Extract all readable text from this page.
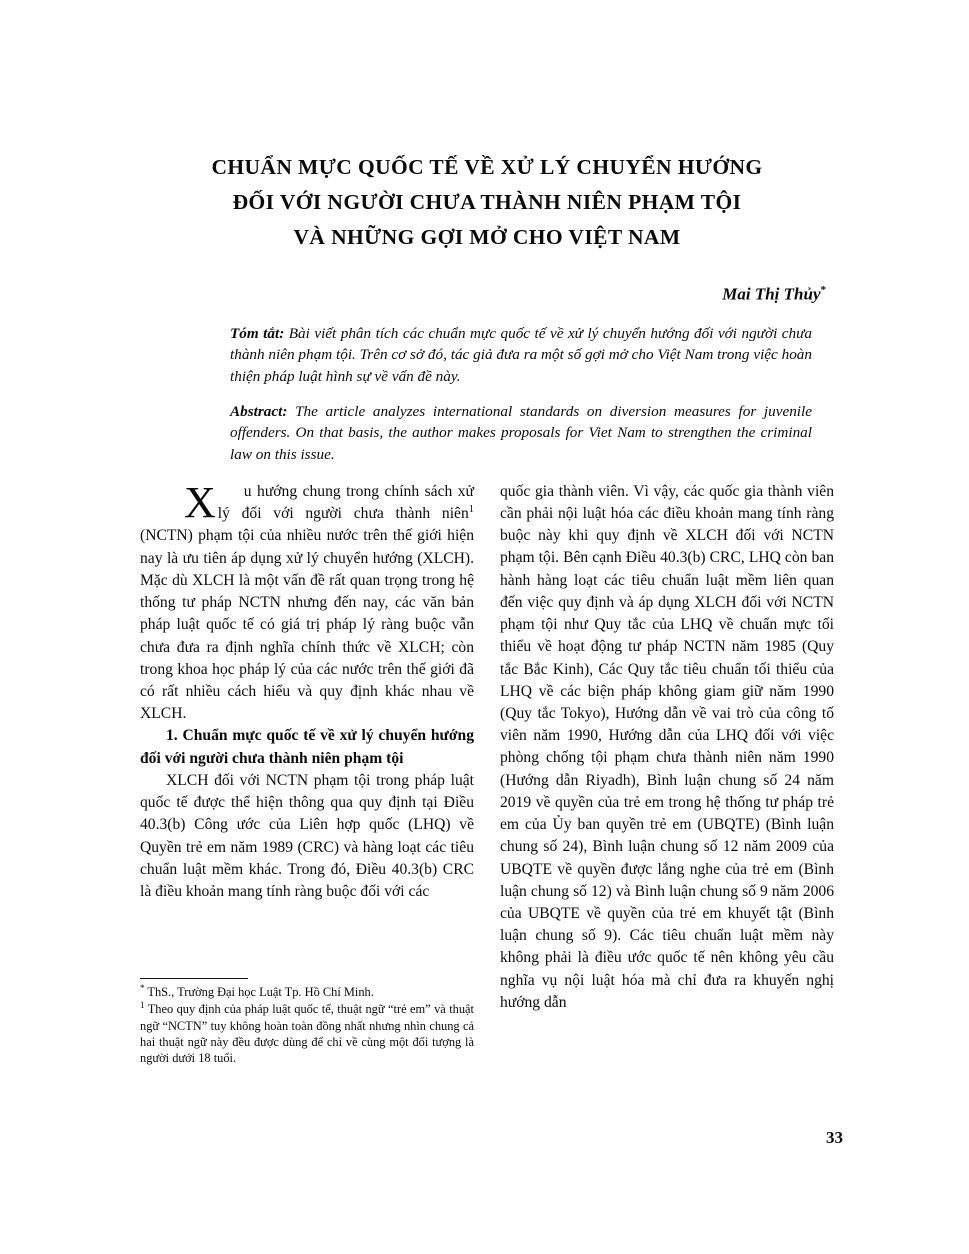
CHUẨN MỰC QUỐC TẾ VỀ XỬ LÝ CHUYỂN HƯỚNG
ĐỐI VỚI NGƯỜI CHƯA THÀNH NIÊN PHẠM TỘI
VÀ NHỮNG GỢI MỞ CHO VIỆT NAM
Mai Thị Thủy*
Tóm tắt: Bài viết phân tích các chuẩn mực quốc tế về xử lý chuyển hướng đối với người chưa thành niên phạm tội. Trên cơ sở đó, tác giả đưa ra một số gợi mở cho Việt Nam trong việc hoàn thiện pháp luật hình sự về vấn đề này.
Abstract: The article analyzes international standards on diversion measures for juvenile offenders. On that basis, the author makes proposals for Viet Nam to strengthen the criminal law on this issue.

X u hướng chung trong chính sách xử lý đối với người chưa thành niên$^1$ (NCTN) phạm tội của nhiều nước trên thế giới hiện nay là ưu tiên áp dụng xử lý chuyển hướng (XLCH). Mặc dù XLCH là một vấn đề rất quan trọng trong hệ thống tư pháp NCTN nhưng đến nay, các văn bản pháp luật quốc tế có giá trị pháp lý ràng buộc vẫn chưa đưa ra định nghĩa chính thức về XLCH; còn trong khoa học pháp lý của các nước trên thế giới đã có rất nhiều cách hiểu và quy định khác nhau về XLCH.

1. Chuẩn mực quốc tế về xử lý chuyển hướng đối với người chưa thành niên phạm tội

XLCH đối với NCTN phạm tội trong pháp luật quốc tế được thể hiện thông qua quy định tại Điều 40.3(b) Công ước của Liên hợp quốc (LHQ) về Quyền trẻ em năm 1989 (CRC) và hàng loạt các tiêu chuẩn luật mềm khác. Trong đó, Điều 40.3(b) CRC là điều khoản mang tính ràng buộc đối với các

quốc gia thành viên. Vì vậy, các quốc gia thành viên cần phải nội luật hóa các điều khoản mang tính ràng buộc này khi quy định về XLCH đối với NCTN phạm tội. Bên cạnh Điều 40.3(b) CRC, LHQ còn ban hành hàng loạt các tiêu chuẩn luật mềm liên quan đến việc quy định và áp dụng XLCH đối với NCTN phạm tội như Quy tắc của LHQ về chuẩn mực tối thiểu về hoạt động tư pháp NCTN năm 1985 (Quy tắc Bắc Kinh), Các Quy tắc tiêu chuẩn tối thiểu của LHQ về các biện pháp không giam giữ năm 1990 (Quy tắc Tokyo), Hướng dẫn về vai trò của công tố viên năm 1990, Hướng dẫn của LHQ đối với việc phòng chống tội phạm chưa thành niên năm 1990 (Hướng dẫn Riyadh), Bình luận chung số 24 năm 2019 về quyền của trẻ em trong hệ thống tư pháp trẻ em của Ủy ban quyền trẻ em (UBQTE) (Bình luận chung số 24), Bình luận chung số 12 năm 2009 của UBQTE về quyền được lắng nghe của trẻ em (Bình luận chung số 12) và Bình luận chung số 9 năm 2006 của UBQTE về quyền của trẻ em khuyết tật (Bình luận chung số 9). Các tiêu chuẩn luật mềm này không phải là điều ước quốc tế nên không yêu cầu nghĩa vụ nội luật hóa mà chỉ đưa ra khuyến nghị hướng dẫn

* ThS., Trường Đại học Luật Tp. Hồ Chí Minh.

$^1$ Theo quy định của pháp luật quốc tế, thuật ngữ “trẻ em” và thuật ngữ “NCTN” tuy không hoàn toàn đồng nhất nhưng nhìn chung cả hai thuật ngữ này đều được dùng để chỉ về cùng một đối tượng là người dưới 18 tuổi.

33
